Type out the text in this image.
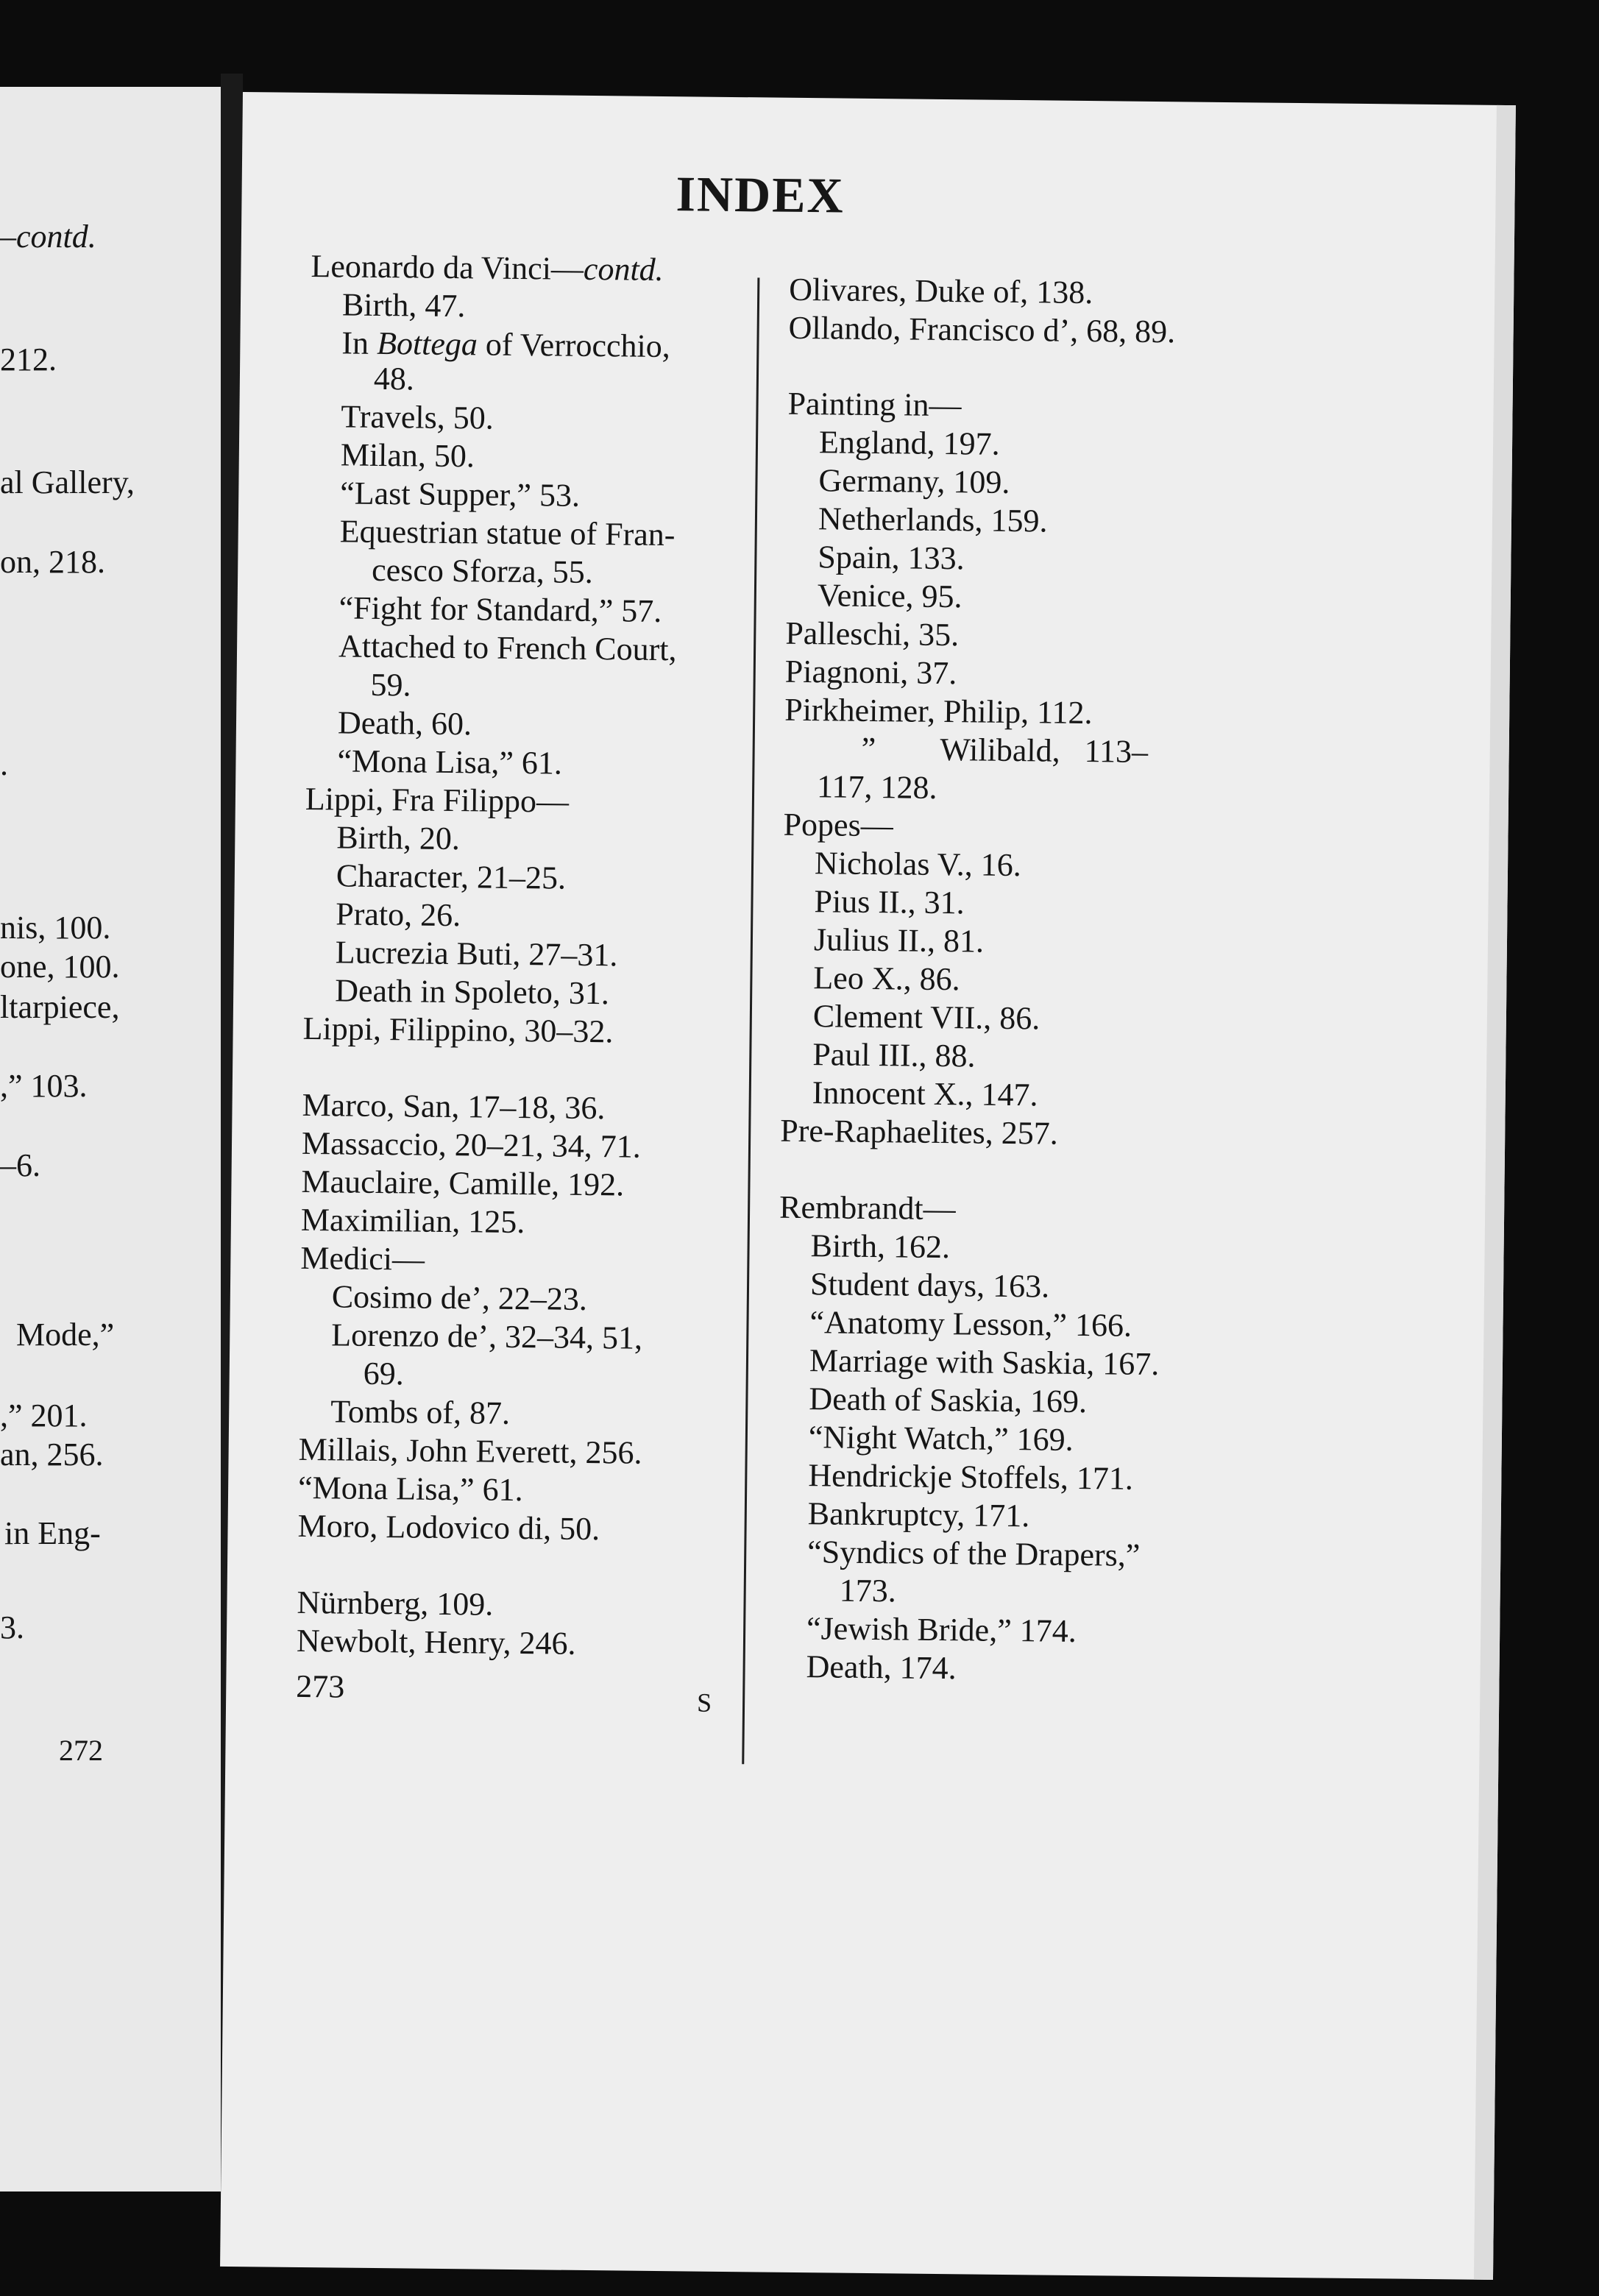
–contd.
212.
al Gallery,
on, 218.
.
nis, 100.
one, 100.
ltarpiece,
,” 103.
–6.
Mode,”
,” 201.
an, 256.
in Eng-
3.
272
INDEX
Leonardo da Vinci—contd.
Birth, 47.
In Bottega of Verrocchio,
48.
Travels, 50.
Milan, 50.
“Last Supper,” 53.
Equestrian statue of Fran-
cesco Sforza, 55.
“Fight for Standard,” 57.
Attached to French Court,
59.
Death, 60.
“Mona Lisa,” 61.
Lippi, Fra Filippo—
Birth, 20.
Character, 21–25.
Prato, 26.
Lucrezia Buti, 27–31.
Death in Spoleto, 31.
Lippi, Filippino, 30–32.
Marco, San, 17–18, 36.
Massaccio, 20–21, 34, 71.
Mauclaire, Camille, 192.
Maximilian, 125.
Medici—
Cosimo de’, 22–23.
Lorenzo de’, 32–34, 51,
69.
Tombs of, 87.
Millais, John Everett, 256.
“Mona Lisa,” 61.
Moro, Lodovico di, 50.
Nürnberg, 109.
Newbolt, Henry, 246.
273	S
Olivares, Duke of, 138.
Ollando, Francisco d’, 68, 89.
Painting in—
England, 197.
Germany, 109.
Netherlands, 159.
Spain, 133.
Venice, 95.
Palleschi, 35.
Piagnoni, 37.
Pirkheimer, Philip, 112.
”        Wilibald,   113–
117, 128.
Popes—
Nicholas V., 16.
Pius II., 31.
Julius II., 81.
Leo X., 86.
Clement VII., 86.
Paul III., 88.
Innocent X., 147.
Pre-Raphaelites, 257.
Rembrandt—
Birth, 162.
Student days, 163.
“Anatomy Lesson,” 166.
Marriage with Saskia, 167.
Death of Saskia, 169.
“Night Watch,” 169.
Hendrickje Stoffels, 171.
Bankruptcy, 171.
“Syndics of the Drapers,”
173.
“Jewish Bride,” 174.
Death, 174.
